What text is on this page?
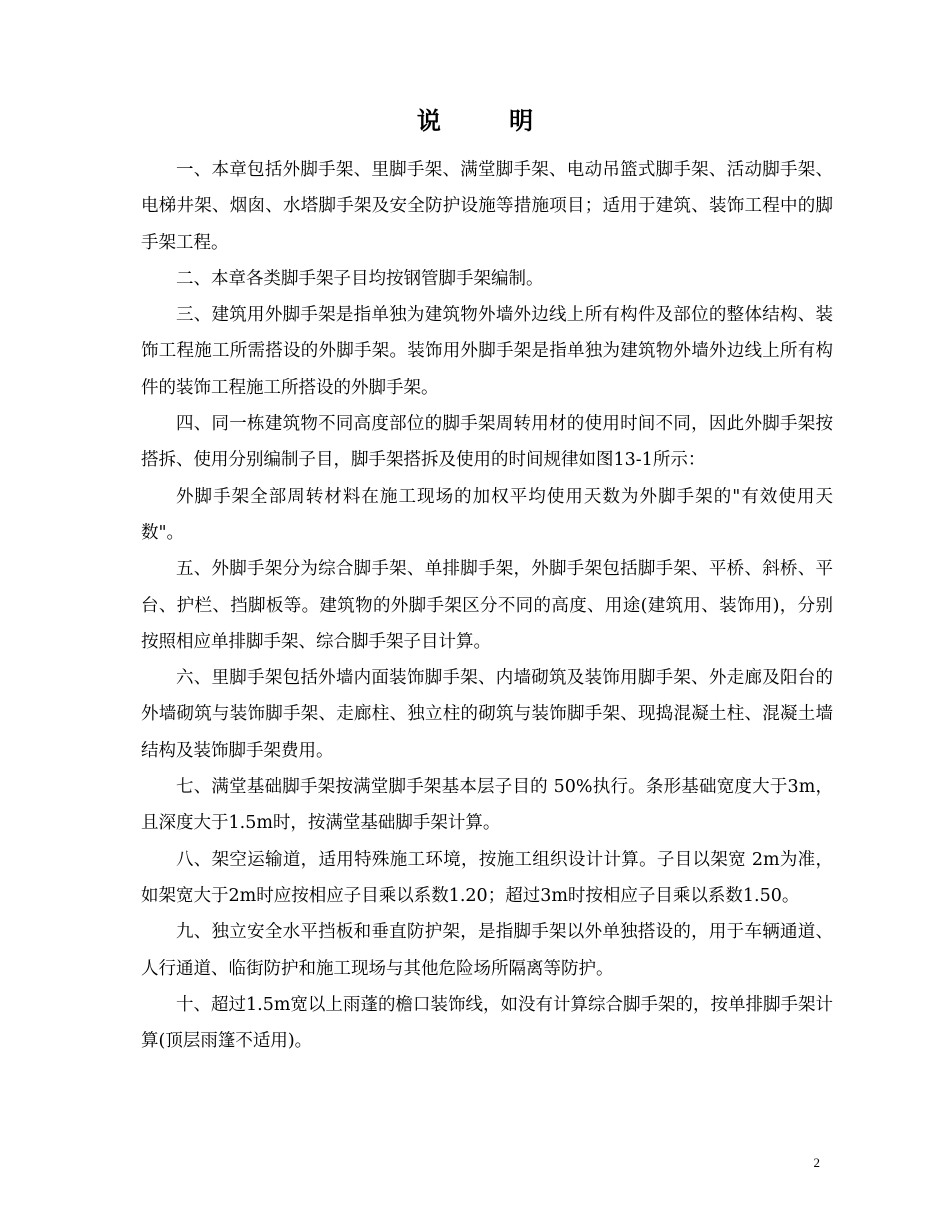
说 明

一、本章包括外脚手架、里脚手架、满堂脚手架、电动吊篮式脚手架、活动脚手架、电梯井架、烟囱、水塔脚手架及安全防护设施等措施项目；适用于建筑、装饰工程中的脚手架工程。

二、本章各类脚手架子目均按钢管脚手架编制。

三、建筑用外脚手架是指单独为建筑物外墙外边线上所有构件及部位的整体结构、装饰工程施工所需搭设的外脚手架。装饰用外脚手架是指单独为建筑物外墙外边线上所有构件的装饰工程施工所搭设的外脚手架。

四、同一栋建筑物不同高度部位的脚手架周转用材的使用时间不同，因此外脚手架按搭拆、使用分别编制子目，脚手架搭拆及使用的时间规律如图13-1所示：

外脚手架全部周转材料在施工现场的加权平均使用天数为外脚手架的"有效使用天数"。

五、外脚手架分为综合脚手架、单排脚手架，外脚手架包括脚手架、平桥、斜桥、平台、护栏、挡脚板等。建筑物的外脚手架区分不同的高度、用途(建筑用、装饰用)，分别按照相应单排脚手架、综合脚手架子目计算。

六、里脚手架包括外墙内面装饰脚手架、内墙砌筑及装饰用脚手架、外走廊及阳台的外墙砌筑与装饰脚手架、走廊柱、独立柱的砌筑与装饰脚手架、现捣混凝土柱、混凝土墙结构及装饰脚手架费用。

七、满堂基础脚手架按满堂脚手架基本层子目的 50%执行。条形基础宽度大于3m，且深度大于1.5m时，按满堂基础脚手架计算。

八、架空运输道，适用特殊施工环境，按施工组织设计计算。子目以架宽 2m为准，如架宽大于2m时应按相应子目乘以系数1.20；超过3m时按相应子目乘以系数1.50。

九、独立安全水平挡板和垂直防护架，是指脚手架以外单独搭设的，用于车辆通道、人行通道、临街防护和施工现场与其他危险场所隔离等防护。

十、超过1.5m宽以上雨蓬的檐口装饰线，如没有计算综合脚手架的，按单排脚手架计算(顶层雨篷不适用)。

2
